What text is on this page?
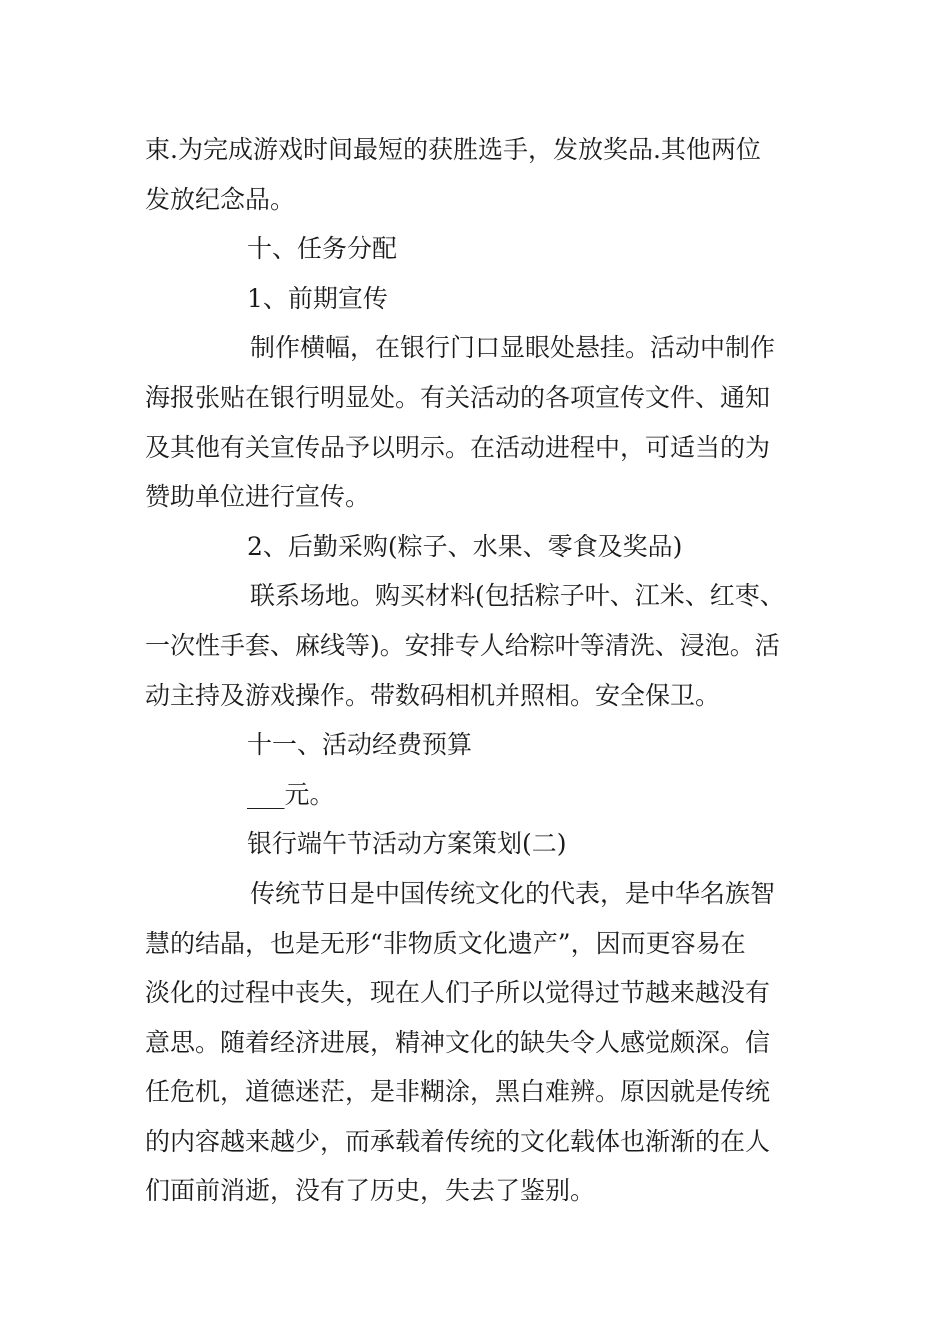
束.为完成游戏时间最短的获胜选手，发放奖品.其他两位
发放纪念品。
十、任务分配
1、前期宣传
制作横幅，在银行门口显眼处悬挂。活动中制作
海报张贴在银行明显处。有关活动的各项宣传文件、通知
及其他有关宣传品予以明示。在活动进程中，可适当的为
赞助单位进行宣传。
2、后勤采购(粽子、水果、零食及奖品)
联系场地。购买材料(包括粽子叶、江米、红枣、
一次性手套、麻线等)。安排专人给粽叶等清洗、浸泡。活
动主持及游戏操作。带数码相机并照相。安全保卫。
十一、活动经费预算
___元。
银行端午节活动方案策划(二)
传统节日是中国传统文化的代表，是中华名族智
慧的结晶，也是无形“非物质文化遗产”，因而更容易在
淡化的过程中丧失，现在人们子所以觉得过节越来越没有
意思。随着经济进展，精神文化的缺失令人感觉颇深。信
任危机，道德迷茫，是非糊涂，黑白难辨。原因就是传统
的内容越来越少，而承载着传统的文化载体也渐渐的在人
们面前消逝，没有了历史，失去了鉴别。
